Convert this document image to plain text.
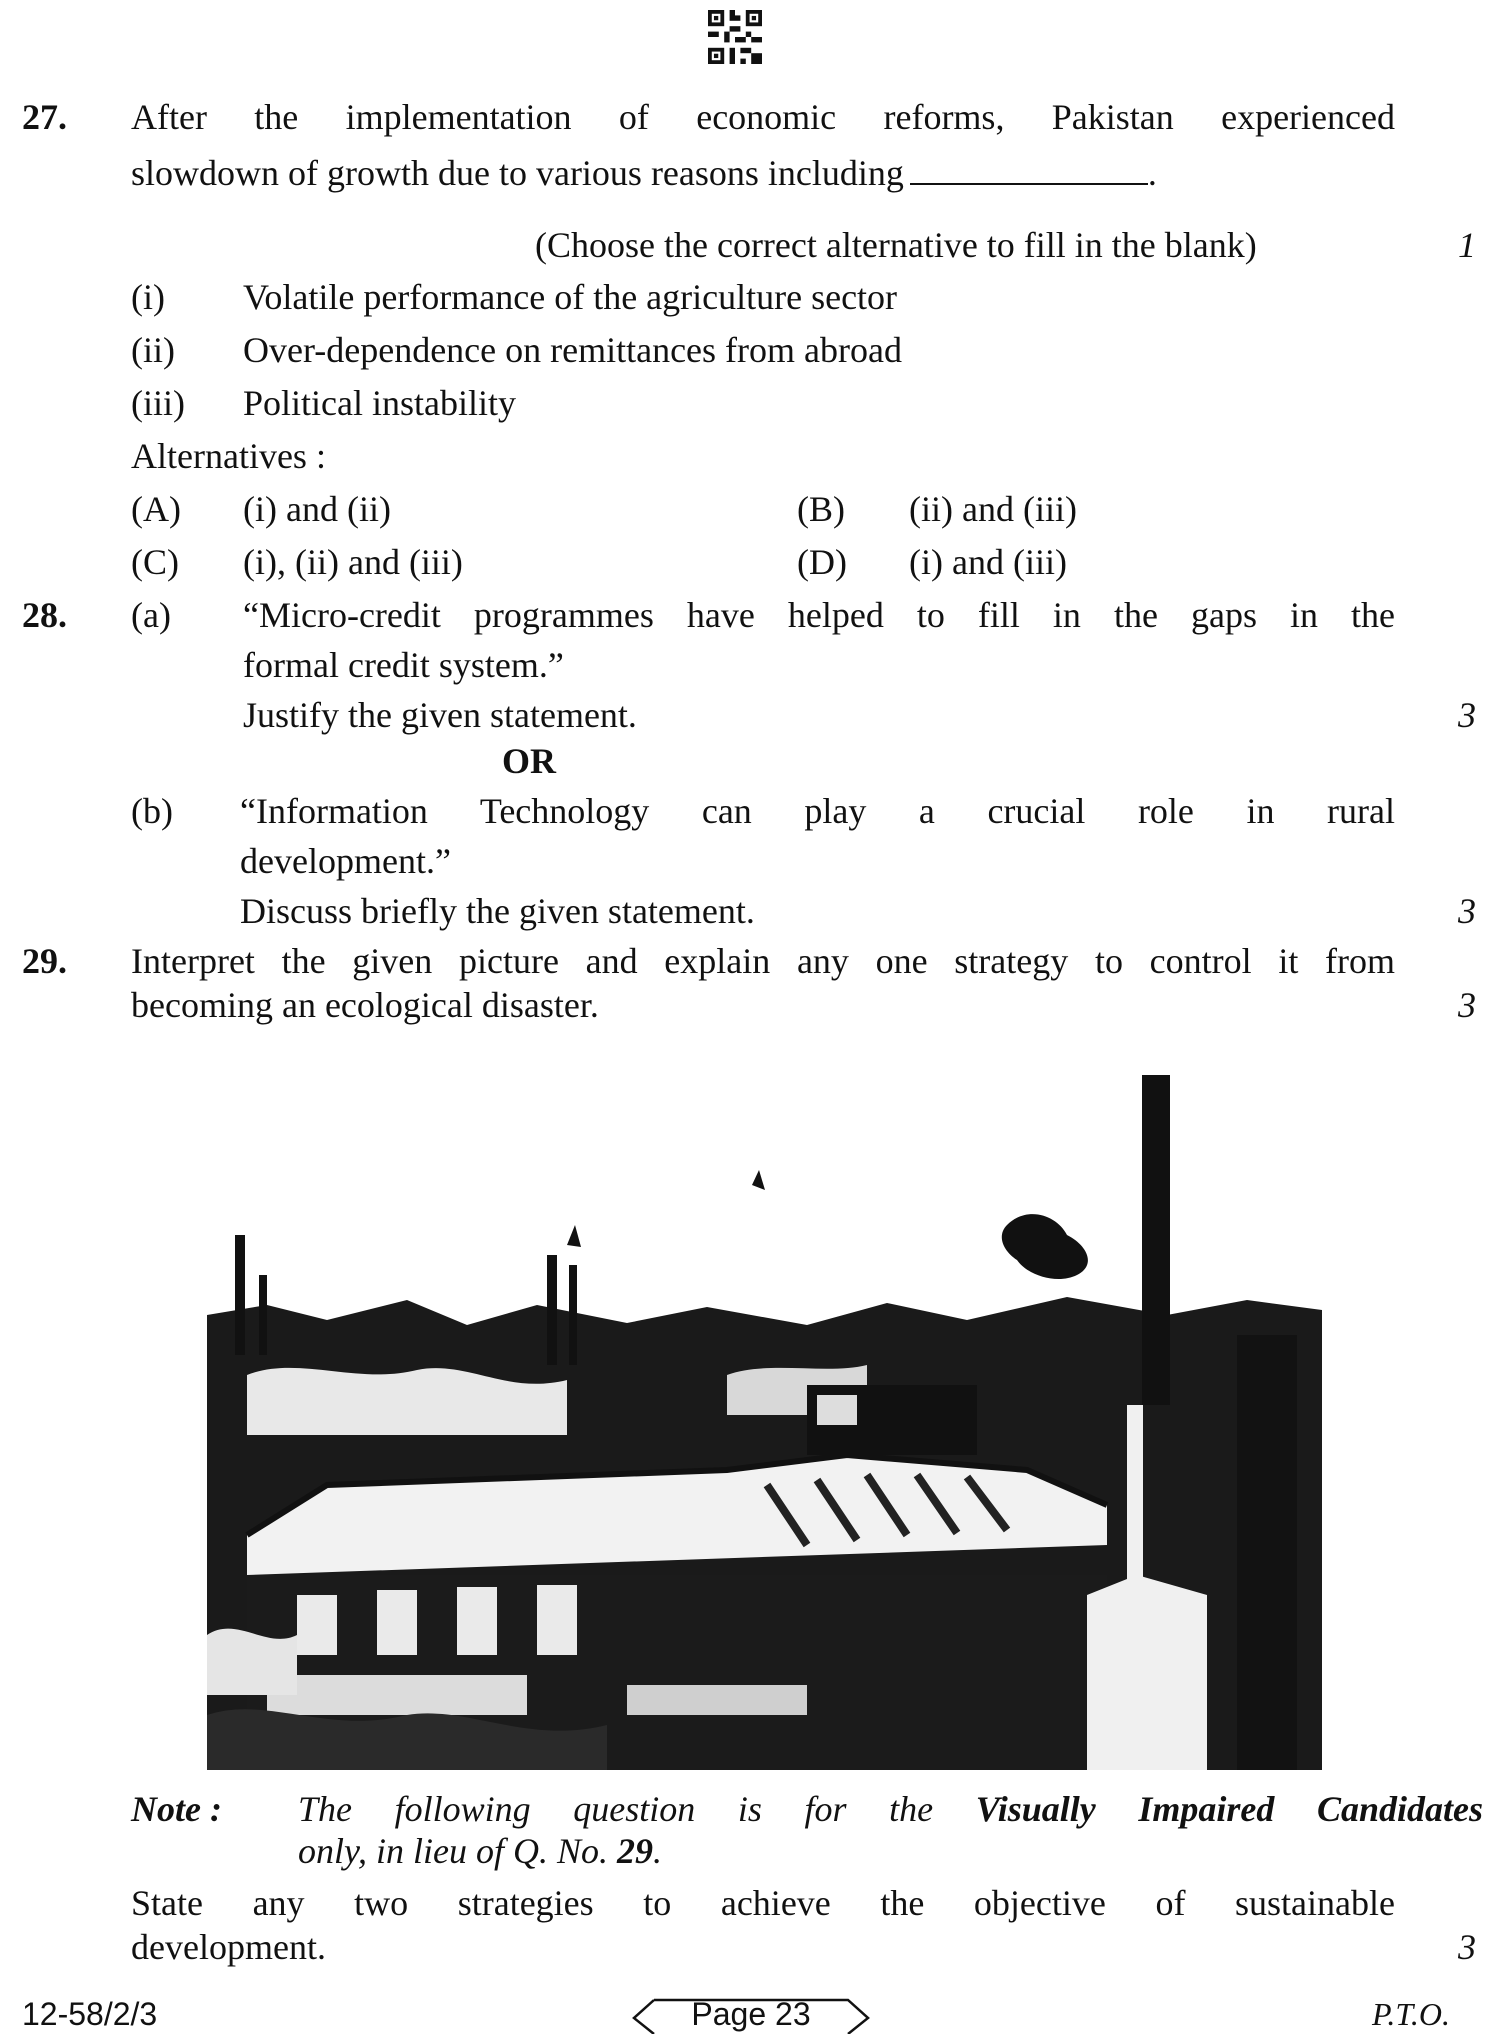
27. After the implementation of economic reforms, Pakistan experienced
slowdown of growth due to various reasons including	.
(Choose the correct alternative to fill in the blank)	1
(i) Volatile performance of the agriculture sector
(ii) Over-dependence on remittances from abroad
(iii) Political instability
Alternatives :
(A) (i) and (ii)	(B) (ii) and (iii)
(C) (i), (ii) and (iii)	(D) (i) and (iii)
28. (a) “Micro-credit programmes have helped to fill in the gaps in the
formal credit system.”
Justify the given statement.	3
OR
(b) “Information Technology can play a crucial role in rural
development.”
Discuss briefly the given statement.	3
29. Interpret the given picture and explain any one strategy to control it from
becoming an ecological disaster.	3
Note : The following question is for the Visually Impaired Candidates
only, in lieu of Q. No. 29.
State any two strategies to achieve the objective of sustainable
development.	3
12-58/2/3	Page 23	P.T.O.
